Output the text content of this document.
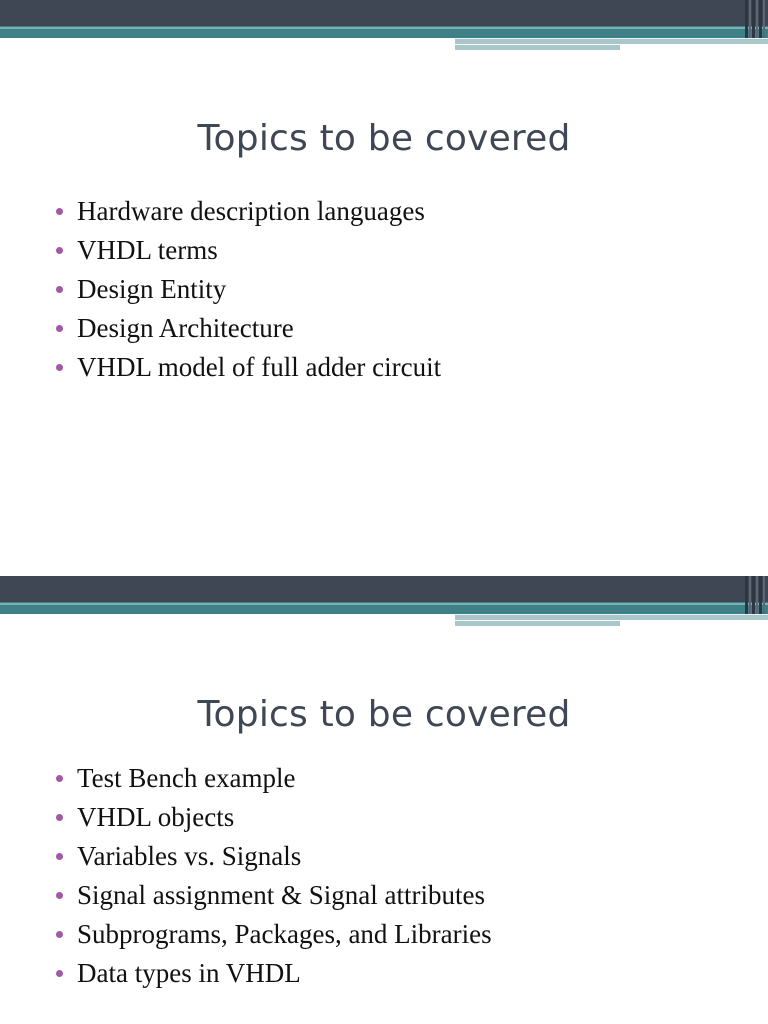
Topics to be covered
Hardware description languages
VHDL terms
Design Entity
Design Architecture
VHDL model of full adder circuit
Topics to be covered
Test Bench example
VHDL objects
Variables vs. Signals
Signal assignment & Signal attributes
Subprograms, Packages, and Libraries
Data types in VHDL
